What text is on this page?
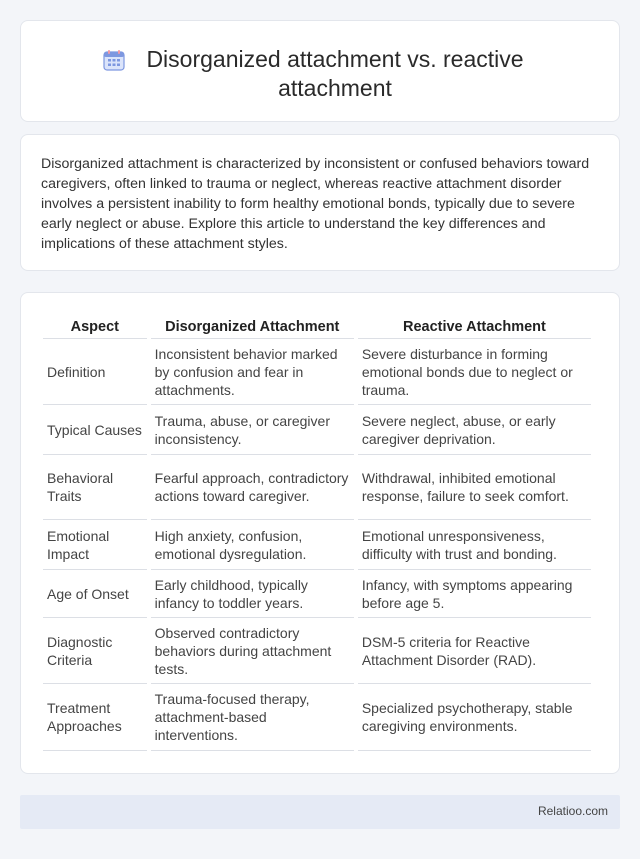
Disorganized attachment vs. reactive attachment

Disorganized attachment is characterized by inconsistent or confused behaviors toward caregivers, often linked to trauma or neglect, whereas reactive attachment disorder involves a persistent inability to form healthy emotional bonds, typically due to severe early neglect or abuse. Explore this article to understand the key differences and implications of these attachment styles.

Aspect	Disorganized Attachment	Reactive Attachment
Definition	Inconsistent behavior marked by confusion and fear in attachments.	Severe disturbance in forming emotional bonds due to neglect or trauma.
Typical Causes	Trauma, abuse, or caregiver inconsistency.	Severe neglect, abuse, or early caregiver deprivation.
Behavioral Traits	Fearful approach, contradictory actions toward caregiver.	Withdrawal, inhibited emotional response, failure to seek comfort.
Emotional Impact	High anxiety, confusion, emotional dysregulation.	Emotional unresponsiveness, difficulty with trust and bonding.
Age of Onset	Early childhood, typically infancy to toddler years.	Infancy, with symptoms appearing before age 5.
Diagnostic Criteria	Observed contradictory behaviors during attachment tests.	DSM-5 criteria for Reactive Attachment Disorder (RAD).
Treatment Approaches	Trauma-focused therapy, attachment-based interventions.	Specialized psychotherapy, stable caregiving environments.
Relatioo.com
